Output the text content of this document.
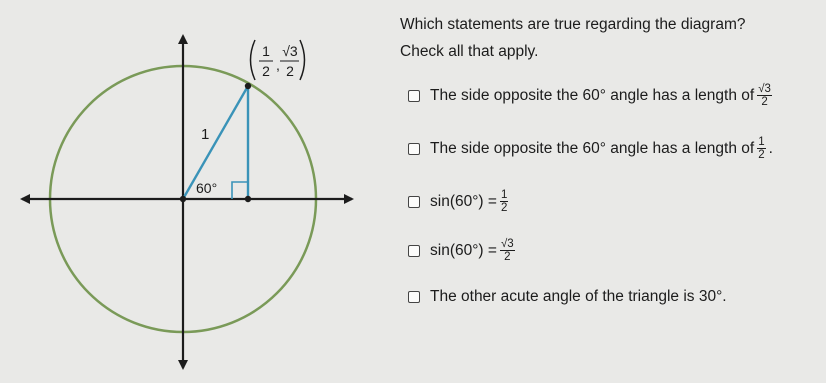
1
2 ,
√3
2
1
60°
Which statements are true regarding the diagram?
Check all that apply.
The side opposite the 60° angle has a length of $\frac{√3}{2}$
The side opposite the 60° angle has a length of $\frac{1}{2}$ .
$\sin(60^\circ) = \frac{1}{2}$
$\sin(60^\circ) = \frac{√3}{2}$
The other acute angle of the triangle is 30°.
